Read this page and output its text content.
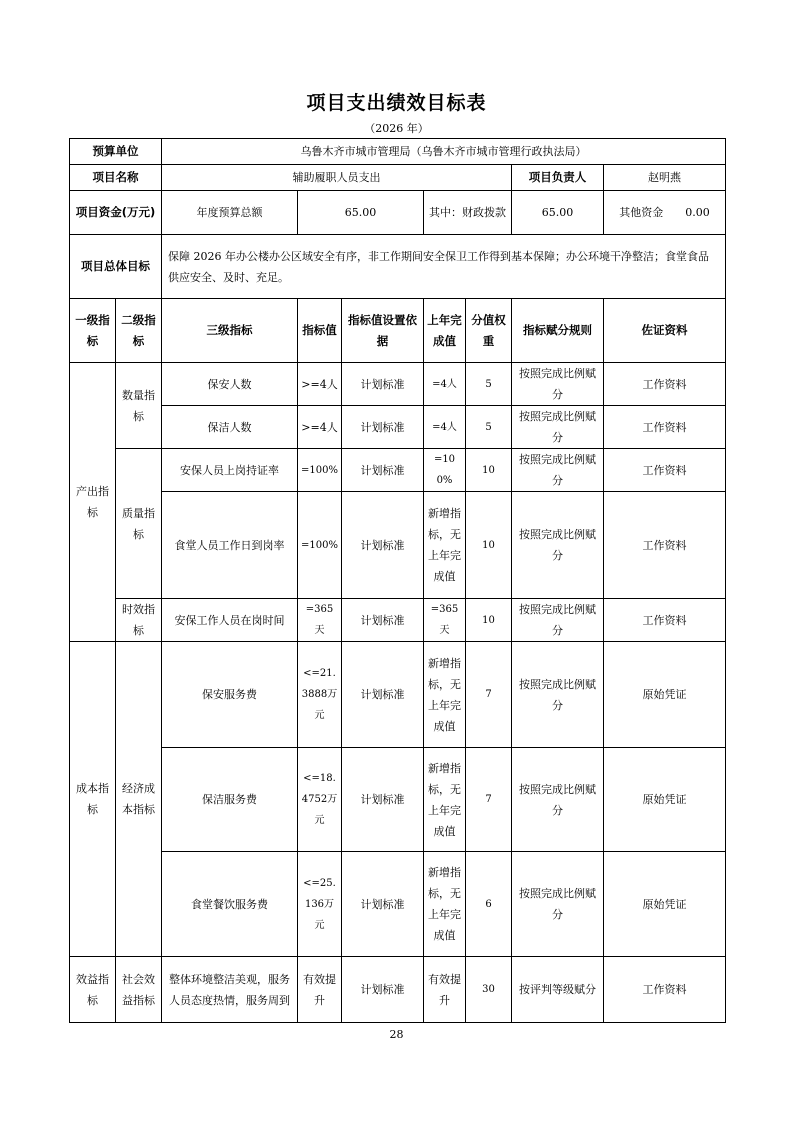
项目支出绩效目标表
（2026 年）
预算单位		乌鲁木齐市城市管理局（乌鲁木齐市城市管理行政执法局）						
项目名称		辅助履职人员支出					项目负责人	赵明燕
项目资金(万元)		年度预算总额	65.00		其中：财政拨款		65.00	其他资金　　 0.00
项目总体目标		保障 2026 年办公楼办公区域安全有序，非工作期间安全保卫工作得到基本保障；办公环境干净整洁；食堂食品供应安全、及时、充足。						
一级指标	二级指标	三级指标	指标值	指标值设置依据	上年完成值	分值权重	指标赋分规则	佐证资料
产出指标	数量指标	保安人数	>=4人	计划标准	=4人	5	按照完成比例赋分	工作资料
		保洁人数	>=4人	计划标准	=4人	5	按照完成比例赋分	工作资料
	质量指标	安保人员上岗持证率	=100%	计划标准	=100%	10	按照完成比例赋分	工作资料
		食堂人员工作日到岗率	=100%	计划标准	新增指标，无上年完成值	10	按照完成比例赋分	工作资料
	时效指标	安保工作人员在岗时间	=365天	计划标准	=365天	10	按照完成比例赋分	工作资料
成本指标	经济成本指标	保安服务费	<=21.3888万元	计划标准	新增指标，无上年完成值	7	按照完成比例赋分	原始凭证
		保洁服务费	<=18.4752万元	计划标准	新增指标，无上年完成值	7	按照完成比例赋分	原始凭证
		食堂餐饮服务费	<=25.136万元	计划标准	新增指标，无上年完成值	6	按照完成比例赋分	原始凭证
效益指标	社会效益指标	整体环境整洁美观，服务人员态度热情，服务周到	有效提升	计划标准	有效提升	30	按评判等级赋分	工作资料
28
